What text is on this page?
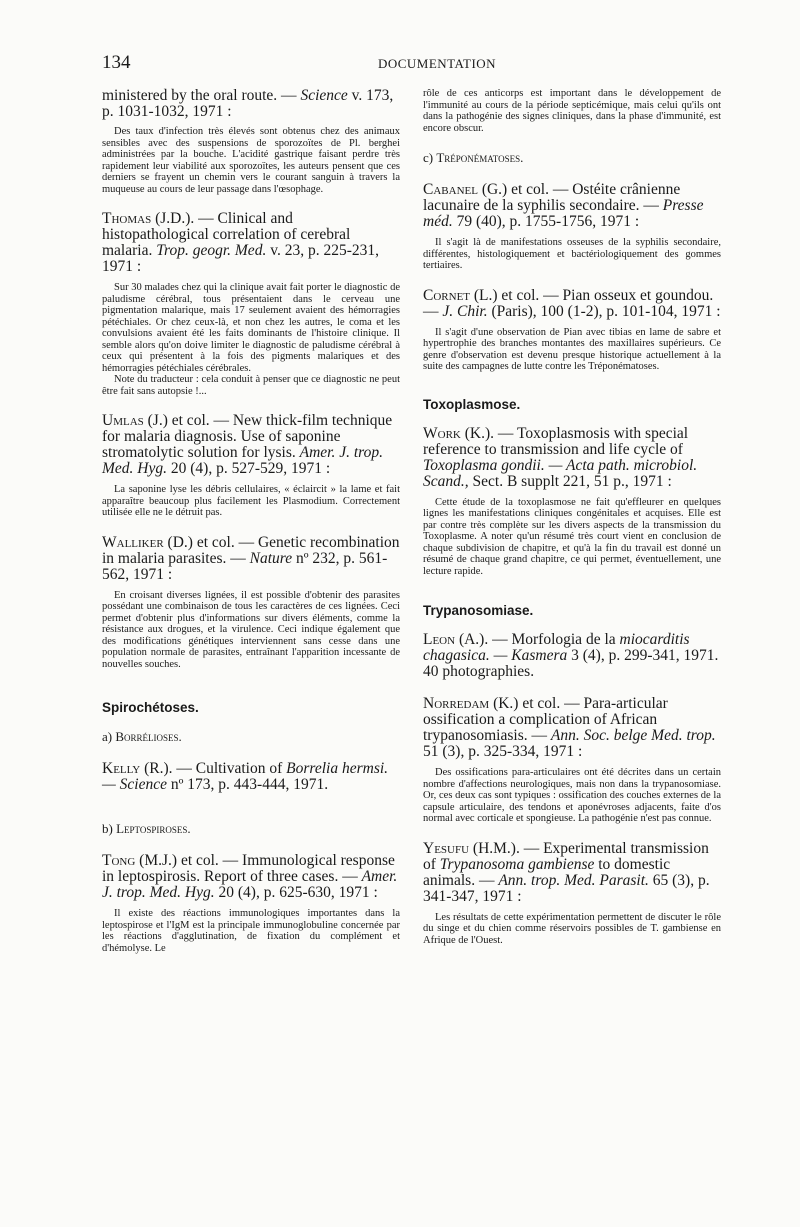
134	DOCUMENTATION

ministered by the oral route. — Science v. 173, p. 1031-1032, 1971 :

Des taux d'infection très élevés sont obtenus chez des animaux sensibles avec des suspensions de sporozoïtes de Pl. berghei administrées par la bouche. L'acidité gastrique faisant perdre très rapidement leur viabilité aux sporozoïtes, les auteurs pensent que ces derniers se frayent un chemin vers le courant sanguin à travers la muqueuse au cours de leur passage dans l'œsophage.

Thomas (J.D.). — Clinical and histopathological correlation of cerebral malaria. Trop. geogr. Med. v. 23, p. 225-231, 1971 :

Sur 30 malades chez qui la clinique avait fait porter le diagnostic de paludisme cérébral, tous présentaient dans le cerveau une pigmentation malarique, mais 17 seulement avaient des hémorragies pétéchiales. Or chez ceux-là, et non chez les autres, le coma et les convulsions avaient été les faits dominants de l'histoire clinique. Il semble alors qu'on doive limiter le diagnostic de paludisme cérébral à ceux qui présentent à la fois des pigments malariques et des hémorragies pétéchiales cérébrales.

Note du traducteur : cela conduit à penser que ce diagnostic ne peut être fait sans autopsie !...

Umlas (J.) et col. — New thick-film technique for malaria diagnosis. Use of saponine stromatolytic solution for lysis. Amer. J. trop. Med. Hyg. 20 (4), p. 527-529, 1971 :

La saponine lyse les débris cellulaires, « éclaircit » la lame et fait apparaître beaucoup plus facilement les Plasmodium. Correctement utilisée elle ne le détruit pas.

Walliker (D.) et col. — Genetic recombination in malaria parasites. — Nature nº 232, p. 561-562, 1971 :

En croisant diverses lignées, il est possible d'obtenir des parasites possédant une combinaison de tous les caractères de ces lignées. Ceci permet d'obtenir plus d'informations sur divers éléments, comme la résistance aux drogues, et la virulence. Ceci indique également que des modifications génétiques interviennent sans cesse dans une population normale de parasites, entraînant l'apparition incessante de nouvelles souches.

Spirochétoses.

a) Borrélioses.

Kelly (R.). — Cultivation of Borrelia hermsi. — Science nº 173, p. 443-444, 1971.

b) Leptospiroses.

Tong (M.J.) et col. — Immunological response in leptospirosis. Report of three cases. — Amer. J. trop. Med. Hyg. 20 (4), p. 625-630, 1971 :

Il existe des réactions immunologiques importantes dans la leptospirose et l'IgM est la principale immunoglobuline concernée par les réactions d'agglutination, de fixation du complément et d'hémolyse. Le

rôle de ces anticorps est important dans le développement de l'immunité au cours de la période septicémique, mais celui qu'ils ont dans la pathogénie des signes cliniques, dans la phase d'immunité, est encore obscur.

c) Tréponématoses.

Cabanel (G.) et col. — Ostéite crânienne lacunaire de la syphilis secondaire. — Presse méd. 79 (40), p. 1755-1756, 1971 :

Il s'agit là de manifestations osseuses de la syphilis secondaire, différentes, histologiquement et bactériologiquement des gommes tertiaires.

Cornet (L.) et col. — Pian osseux et goundou. — J. Chir. (Paris), 100 (1-2), p. 101-104, 1971 :

Il s'agit d'une observation de Pian avec tibias en lame de sabre et hypertrophie des branches montantes des maxillaires supérieurs. Ce genre d'observation est devenu presque historique actuellement à la suite des campagnes de lutte contre les Tréponématoses.

Toxoplasmose.

Work (K.). — Toxoplasmosis with special reference to transmission and life cycle of Toxoplasma gondii. — Acta path. microbiol. Scand., Sect. B supplt 221, 51 p., 1971 :

Cette étude de la toxoplasmose ne fait qu'effleurer en quelques lignes les manifestations cliniques congénitales et acquises. Elle est par contre très complète sur les divers aspects de la transmission du Toxoplasme. A noter qu'un résumé très court vient en conclusion de chaque subdivision de chapitre, et qu'à la fin du travail est donné un résumé de chaque grand chapitre, ce qui permet, éventuellement, une lecture rapide.

Trypanosomiase.

Leon (A.). — Morfologia de la miocarditis chagasica. — Kasmera 3 (4), p. 299-341, 1971. 40 photographies.

Norredam (K.) et col. — Para-articular ossification a complication of African trypanosomiasis. — Ann. Soc. belge Med. trop. 51 (3), p. 325-334, 1971 :

Des ossifications para-articulaires ont été décrites dans un certain nombre d'affections neurologiques, mais non dans la trypanosomiase. Or, ces deux cas sont typiques : ossification des couches externes de la capsule articulaire, des tendons et aponévroses adjacents, faite d'os normal avec corticale et spongieuse. La pathogénie n'est pas connue.

Yesufu (H.M.). — Experimental transmission of Trypanosoma gambiense to domestic animals. — Ann. trop. Med. Parasit. 65 (3), p. 341-347, 1971 :

Les résultats de cette expérimentation permettent de discuter le rôle du singe et du chien comme réservoirs possibles de T. gambiense en Afrique de l'Ouest.
